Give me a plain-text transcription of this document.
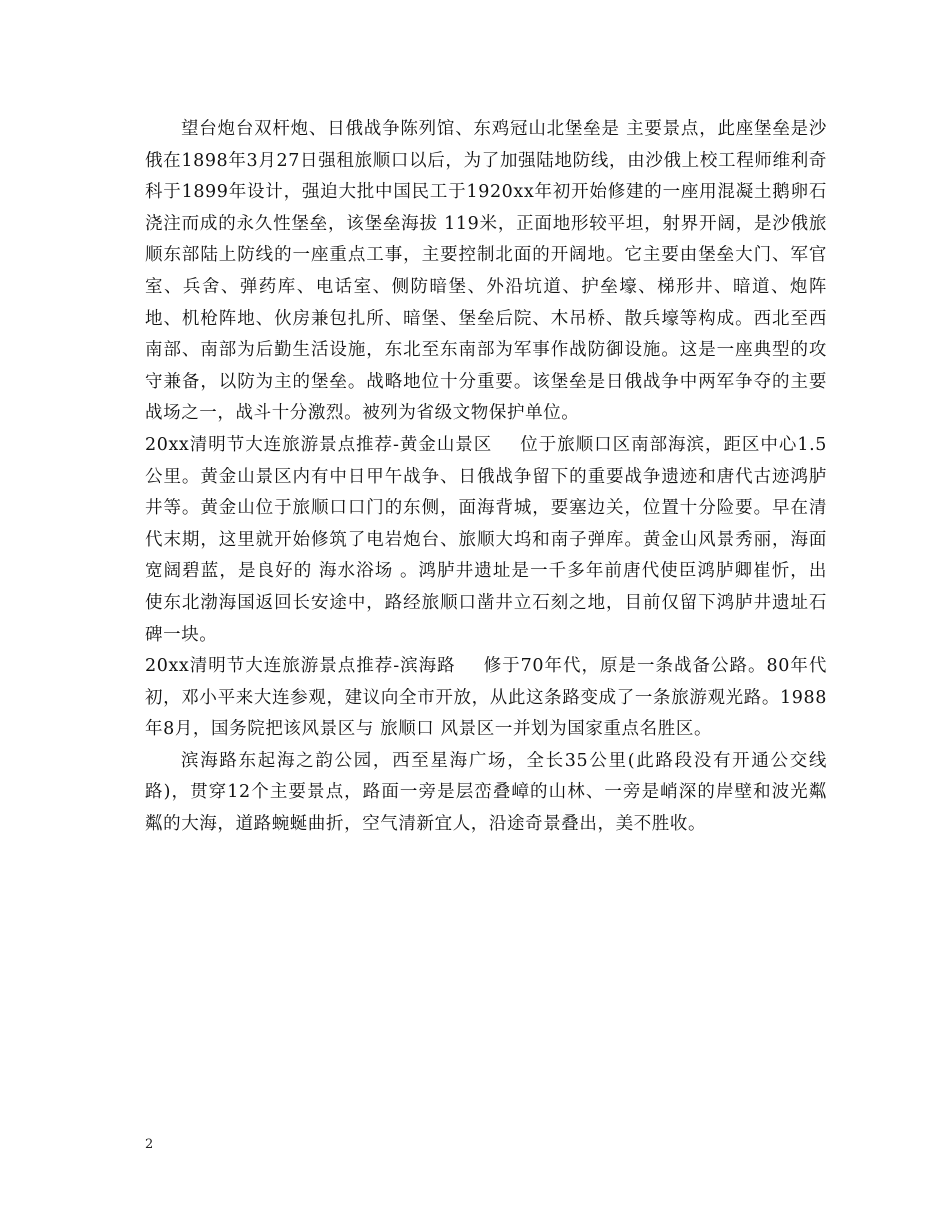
望台炮台双杆炮、日俄战争陈列馆、东鸡冠山北堡垒是 主要景点，此座堡垒是沙俄在1898年3月27日强租旅顺口以后，为了加强陆地防线，由沙俄上校工程师维利奇科于1899年设计，强迫大批中国民工于1920xx年初开始修建的一座用混凝土鹅卵石浇注而成的永久性堡垒，该堡垒海拔 119米，正面地形较平坦，射界开阔，是沙俄旅顺东部陆上防线的一座重点工事，主要控制北面的开阔地。它主要由堡垒大门、军官室、兵舍、弹药库、电话室、侧防暗堡、外沿坑道、护垒壕、梯形井、暗道、炮阵地、机枪阵地、伙房兼包扎所、暗堡、堡垒后院、木吊桥、散兵壕等构成。西北至西南部、南部为后勤生活设施，东北至东南部为军事作战防御设施。这是一座典型的攻守兼备，以防为主的堡垒。战略地位十分重要。该堡垒是日俄战争中两军争夺的主要战场之一，战斗十分激烈。被列为省级文物保护单位。

20xx清明节大连旅游景点推荐-黄金山景区 位于旅顺口区南部海滨，距区中心1.5公里。黄金山景区内有中日甲午战争、日俄战争留下的重要战争遗迹和唐代古迹鸿胪井等。黄金山位于旅顺口口门的东侧，面海背城，要塞边关，位置十分险要。早在清代末期，这里就开始修筑了电岩炮台、旅顺大坞和南子弹库。黄金山风景秀丽，海面宽阔碧蓝，是良好的 海水浴场 。鸿胪井遗址是一千多年前唐代使臣鸿胪卿崔忻，出使东北渤海国返回长安途中，路经旅顺口凿井立石刻之地，目前仅留下鸿胪井遗址石碑一块。

20xx清明节大连旅游景点推荐-滨海路 修于70年代，原是一条战备公路。80年代初，邓小平来大连参观，建议向全市开放，从此这条路变成了一条旅游观光路。1988年8月，国务院把该风景区与 旅顺口 风景区一并划为国家重点名胜区。

滨海路东起海之韵公园，西至星海广场，全长35公里(此路段没有开通公交线路)，贯穿12个主要景点，路面一旁是层峦叠嶂的山林、一旁是峭深的岸壁和波光粼粼的大海，道路蜿蜒曲折，空气清新宜人，沿途奇景叠出，美不胜收。

2
